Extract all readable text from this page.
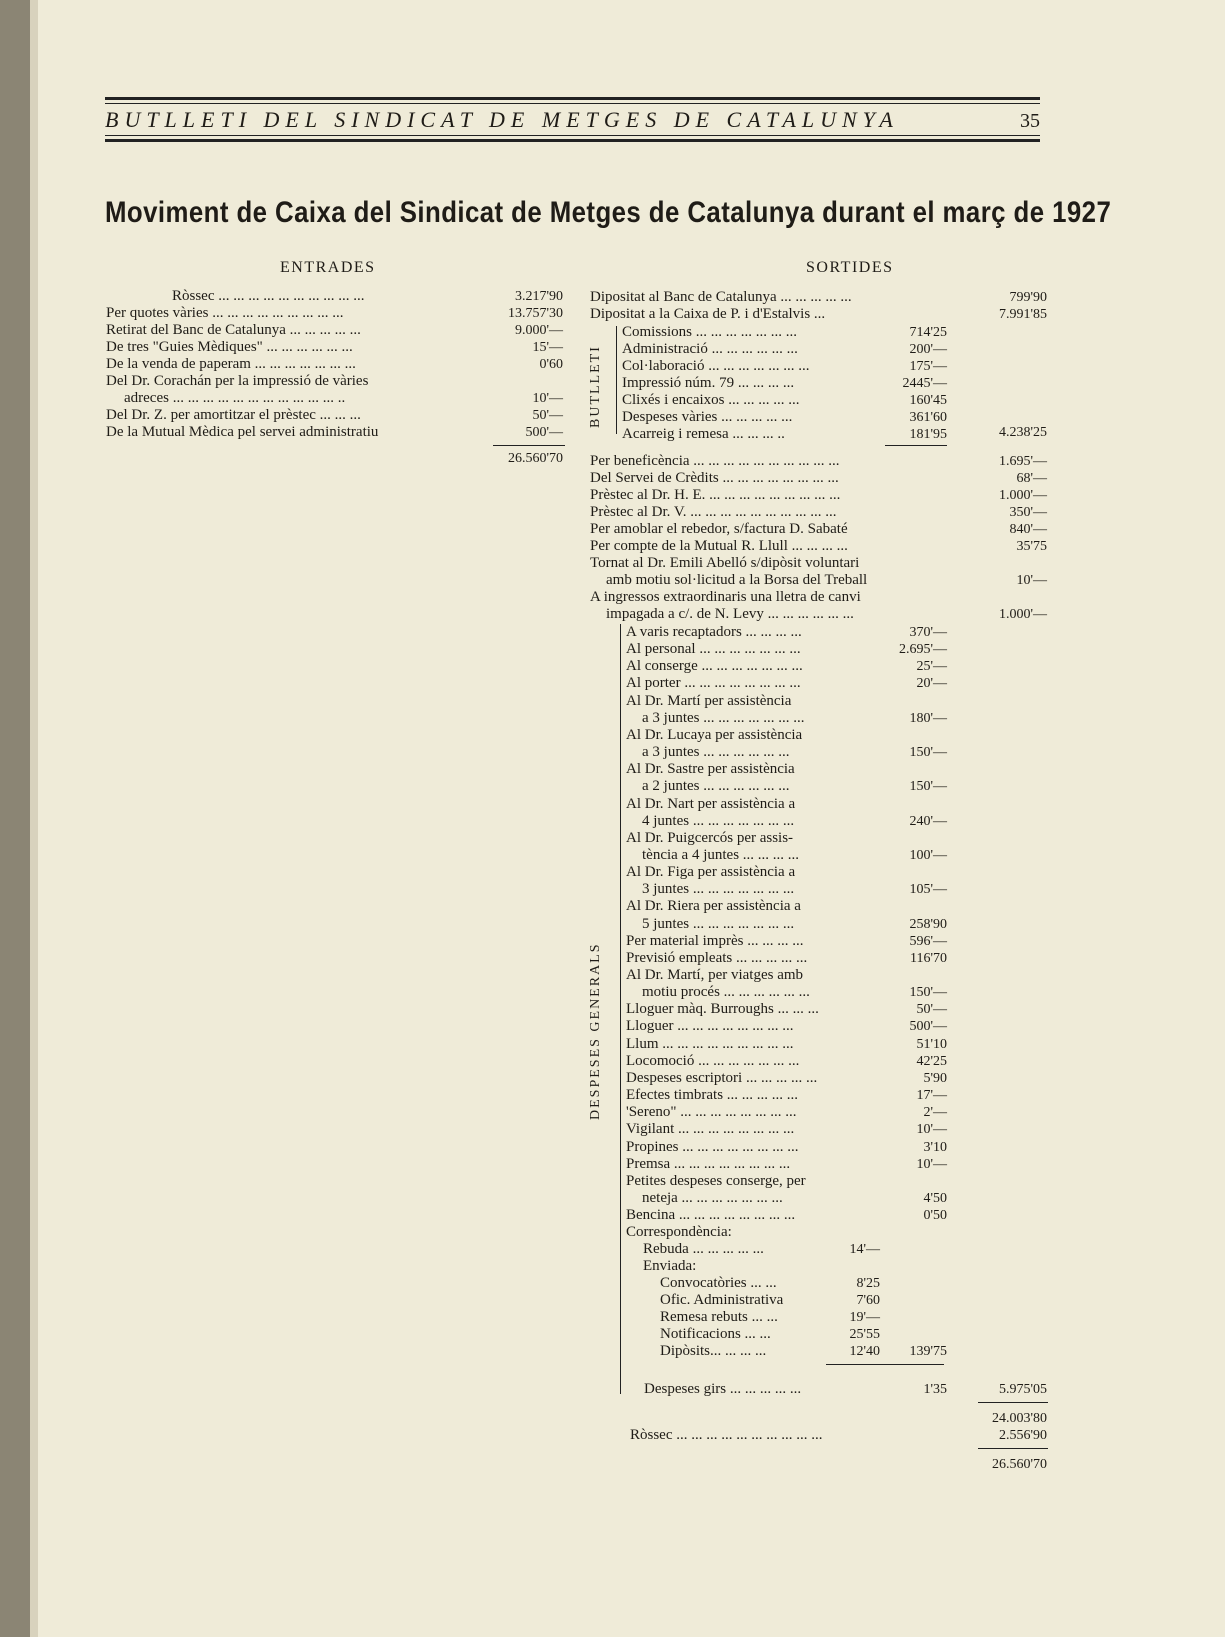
BUTLLETI DEL SINDICAT DE METGES DE CATALUNYA	35
Moviment de Caixa del Sindicat de Metges de Catalunya durant el març de 1927
ENTRADES	SORTIDES
Ròssec ... ... ... ... ... ... ... ... ... ...	3.217'90
Per quotes vàries ... ... ... ... ... ... ... ... ...	13.757'30
Retirat del Banc de Catalunya ... ... ... ... ...	9.000'—
De tres "Guies Mèdiques" ... ... ... ... ... ...	15'—
De la venda de paperam ... ... ... ... ... ... ...	0'60
Del Dr. Corachán per la impressió de vàries
adreces ... ... ... ... ... ... ... ... ... ... ... ..	10'—
Del Dr. Z. per amortitzar el prèstec ... ... ...	50'—
De la Mutual Mèdica pel servei administratiu	500'—
26.560'70
Dipositat al Banc de Catalunya ... ... ... ... ...	799'90
Dipositat a la Caixa de P. i d'Estalvis ...	7.991'85
BUTLLETI
Comissions ... ... ... ... ... ... ...	714'25
Administració ... ... ... ... ... ...	200'—
Col·laboració ... ... ... ... ... ... ...	175'—
Impressió núm. 79 ... ... ... ...	2445'—
Clixés i encaixos ... ... ... ... ...	160'45
Despeses vàries ... ... ... ... ...	361'60
Acarreig i remesa ... ... ... ..	181'95	4.238'25
Per beneficència ... ... ... ... ... ... ... ... ... ...	1.695'—
Del Servei de Crèdits ... ... ... ... ... ... ... ...	68'—
Prèstec al Dr. H. E. ... ... ... ... ... ... ... ... ...	1.000'—
Prèstec al Dr. V. ... ... ... ... ... ... ... ... ... ...	350'—
Per amoblar el rebedor, s/factura D. Sabaté	840'—
Per compte de la Mutual R. Llull ... ... ... ...	35'75
Tornat al Dr. Emili Abelló s/dipòsit voluntari
amb motiu sol·licitud a la Borsa del Treball	10'—
A ingressos extraordinaris una lletra de canvi
impagada a c/. de N. Levy ... ... ... ... ... ...	1.000'—
DESPESES GENERALS
A varis recaptadors ... ... ... ...	370'—
Al personal ... ... ... ... ... ... ...	2.695'—
Al conserge ... ... ... ... ... ... ...	25'—
Al porter ... ... ... ... ... ... ... ...	20'—
Al Dr. Martí per assistència
a 3 juntes ... ... ... ... ... ... ...	180'—
Al Dr. Lucaya per assistència
a 3 juntes ... ... ... ... ... ...	150'—
Al Dr. Sastre per assistència
a 2 juntes ... ... ... ... ... ...	150'—
Al Dr. Nart per assistència a
4 juntes ... ... ... ... ... ... ...	240'—
Al Dr. Puigcercós per assis-
tència a 4 juntes ... ... ... ...	100'—
Al Dr. Figa per assistència a
3 juntes ... ... ... ... ... ... ...	105'—
Al Dr. Riera per assistència a
5 juntes ... ... ... ... ... ... ...	258'90
Per material imprès ... ... ... ...	596'—
Previsió empleats ... ... ... ... ...	116'70
Al Dr. Martí, per viatges amb
motiu procés ... ... ... ... ... ...	150'—
Lloguer màq. Burroughs ... ... ...	50'—
Lloguer ... ... ... ... ... ... ... ...	500'—
Llum ... ... ... ... ... ... ... ... ...	51'10
Locomoció ... ... ... ... ... ... ...	42'25
Despeses escriptori ... ... ... ... ...	5'90
Efectes timbrats ... ... ... ... ...	17'—
'Sereno" ... ... ... ... ... ... ... ...	2'—
Vigilant ... ... ... ... ... ... ... ...	10'—
Propines ... ... ... ... ... ... ... ...	3'10
Premsa ... ... ... ... ... ... ... ...	10'—
Petites despeses conserge, per
neteja ... ... ... ... ... ... ...	4'50
Bencina ... ... ... ... ... ... ... ...	0'50
Correspondència:
Rebuda ... ... ... ... ...	14'—
Enviada:
Convocatòries ... ...	8'25
Ofic. Administrativa	7'60
Remesa rebuts ... ...	19'—
Notificacions ... ...	25'55
Dipòsits... ... ... ...	12'40 139'75
Despeses girs ... ... ... ... ...	1'35	5.975'05
24.003'80
Ròssec ... ... ... ... ... ... ... ... ... ...	2.556'90
26.560'70
